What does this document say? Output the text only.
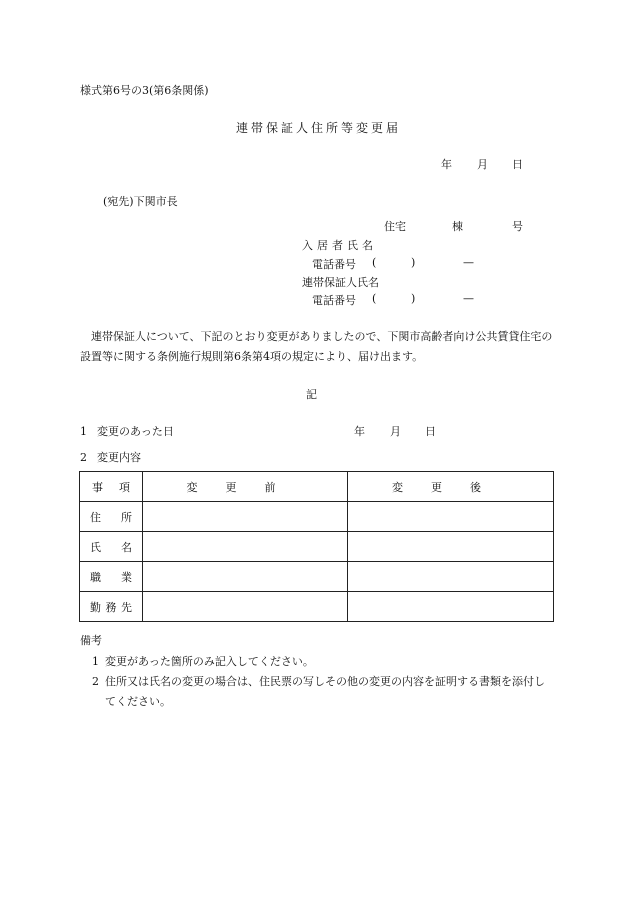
様式第6号の3(第6条関係)
連帯保証人住所等変更届
年 月 日
(宛先)下関市長
住宅	棟	号
入居者氏名
電話番号 (	)	—
連帯保証人氏名
電話番号 (	)	—

連帯保証人について、下記のとおり変更がありましたので、下関市高齢者向け公共賃貸住宅の設置等に関する条例施行規則第6条第4項の規定により、届け出ます。

記
1 変更のあった日	年 月 日
2 変更内容
事項	変更前	変更後
住所		
氏名		
職業		
勤務先		
備考
1 変更があった箇所のみ記入してください。
2 住所又は氏名の変更の場合は、住民票の写しその他の変更の内容を証明する書類を添付してください。
